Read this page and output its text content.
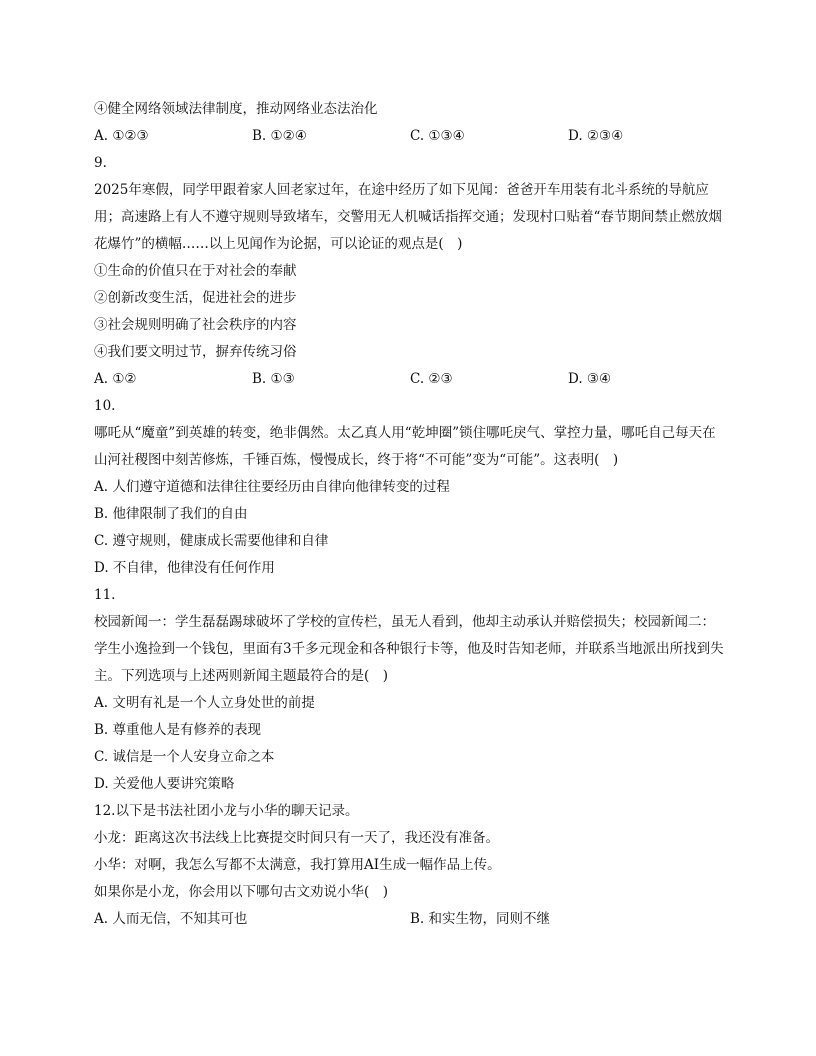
④健全网络领域法律制度，推动网络业态法治化
A. ①②③	B. ①②④	C. ①③④	D. ②③④
9.
2025年寒假，同学甲跟着家人回老家过年，在途中经历了如下见闻：爸爸开车用装有北斗系统的导航应用；高速路上有人不遵守规则导致堵车，交警用无人机喊话指挥交通；发现村口贴着“春节期间禁止燃放烟花爆竹”的横幅……以上见闻作为论据，可以论证的观点是(　)
①生命的价值只在于对社会的奉献
②创新改变生活，促进社会的进步
③社会规则明确了社会秩序的内容
④我们要文明过节，摒弃传统习俗
A. ①②	B. ①③	C. ②③	D. ③④
10.
哪吒从“魔童”到英雄的转变，绝非偶然。太乙真人用“乾坤圈”锁住哪吒戾气、掌控力量，哪吒自己每天在山河社稷图中刻苦修炼，千锤百炼，慢慢成长，终于将“不可能”变为“可能”。这表明(　)
A. 人们遵守道德和法律往往要经历由自律向他律转变的过程
B. 他律限制了我们的自由
C. 遵守规则，健康成长需要他律和自律
D. 不自律，他律没有任何作用
11.
校园新闻一：学生磊磊踢球破坏了学校的宣传栏，虽无人看到，他却主动承认并赔偿损失；校园新闻二：学生小逸捡到一个钱包，里面有3千多元现金和各种银行卡等，他及时告知老师，并联系当地派出所找到失主。下列选项与上述两则新闻主题最符合的是(　)
A. 文明有礼是一个人立身处世的前提
B. 尊重他人是有修养的表现
C. 诚信是一个人安身立命之本
D. 关爱他人要讲究策略
12.以下是书法社团小龙与小华的聊天记录。
小龙：距离这次书法线上比赛提交时间只有一天了，我还没有准备。
小华：对啊，我怎么写都不太满意，我打算用AI生成一幅作品上传。
如果你是小龙，你会用以下哪句古文劝说小华(　)
A. 人而无信，不知其可也	B. 和实生物，同则不继
